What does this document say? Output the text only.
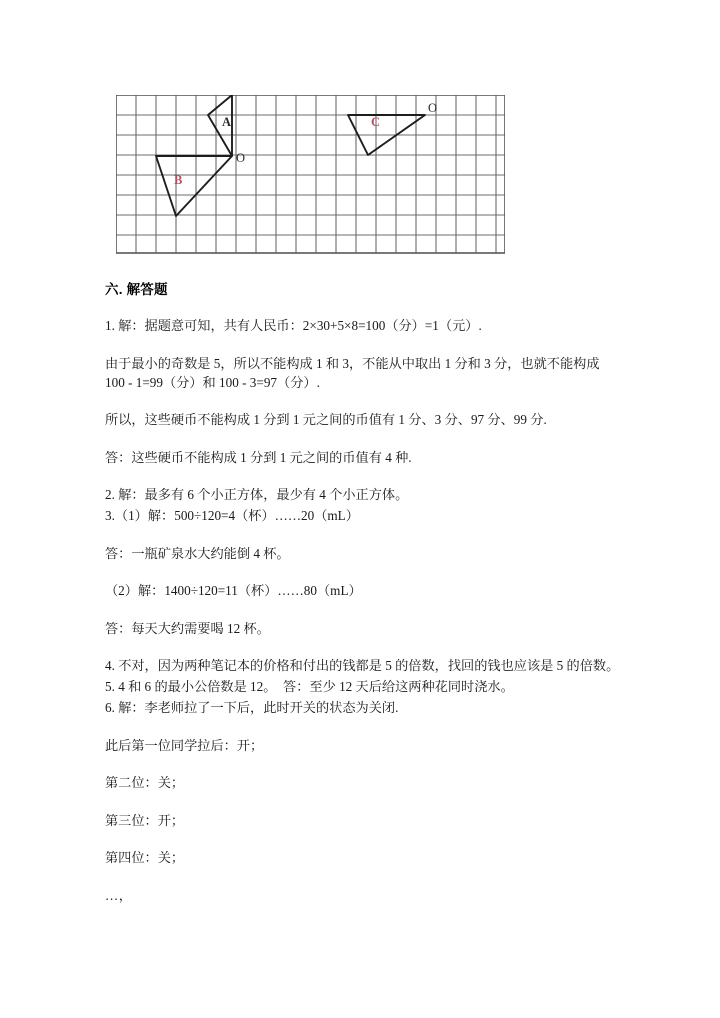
A
B
C
O
O
六. 解答题

1. 解：据题意可知，共有人民币：2×30+5×8=100（分）=1（元）.

由于最小的奇数是 5，所以不能构成 1 和 3，不能从中取出 1 分和 3 分，也就不能构成 100 - 1=99（分）和 100 - 3=97（分）.

所以，这些硬币不能构成 1 分到 1 元之间的币值有 1 分、3 分、97 分、99 分.

答：这些硬币不能构成 1 分到 1 元之间的币值有 4 种.

2. 解：最多有 6 个小正方体，最少有 4 个小正方体。

3.（1）解：500÷120=4（杯）……20（mL）

答：一瓶矿泉水大约能倒 4 杯。

（2）解：1400÷120=11（杯）……80（mL）

答：每天大约需要喝 12 杯。

4. 不对，因为两种笔记本的价格和付出的钱都是 5 的倍数，找回的钱也应该是 5 的倍数。

5. 4 和 6 的最小公倍数是 12。　答：至少 12 天后给这两种花同时浇水。

6. 解：李老师拉了一下后，此时开关的状态为关闭.

此后第一位同学拉后：开；

第二位：关；

第三位：开；

第四位：关；

…，
